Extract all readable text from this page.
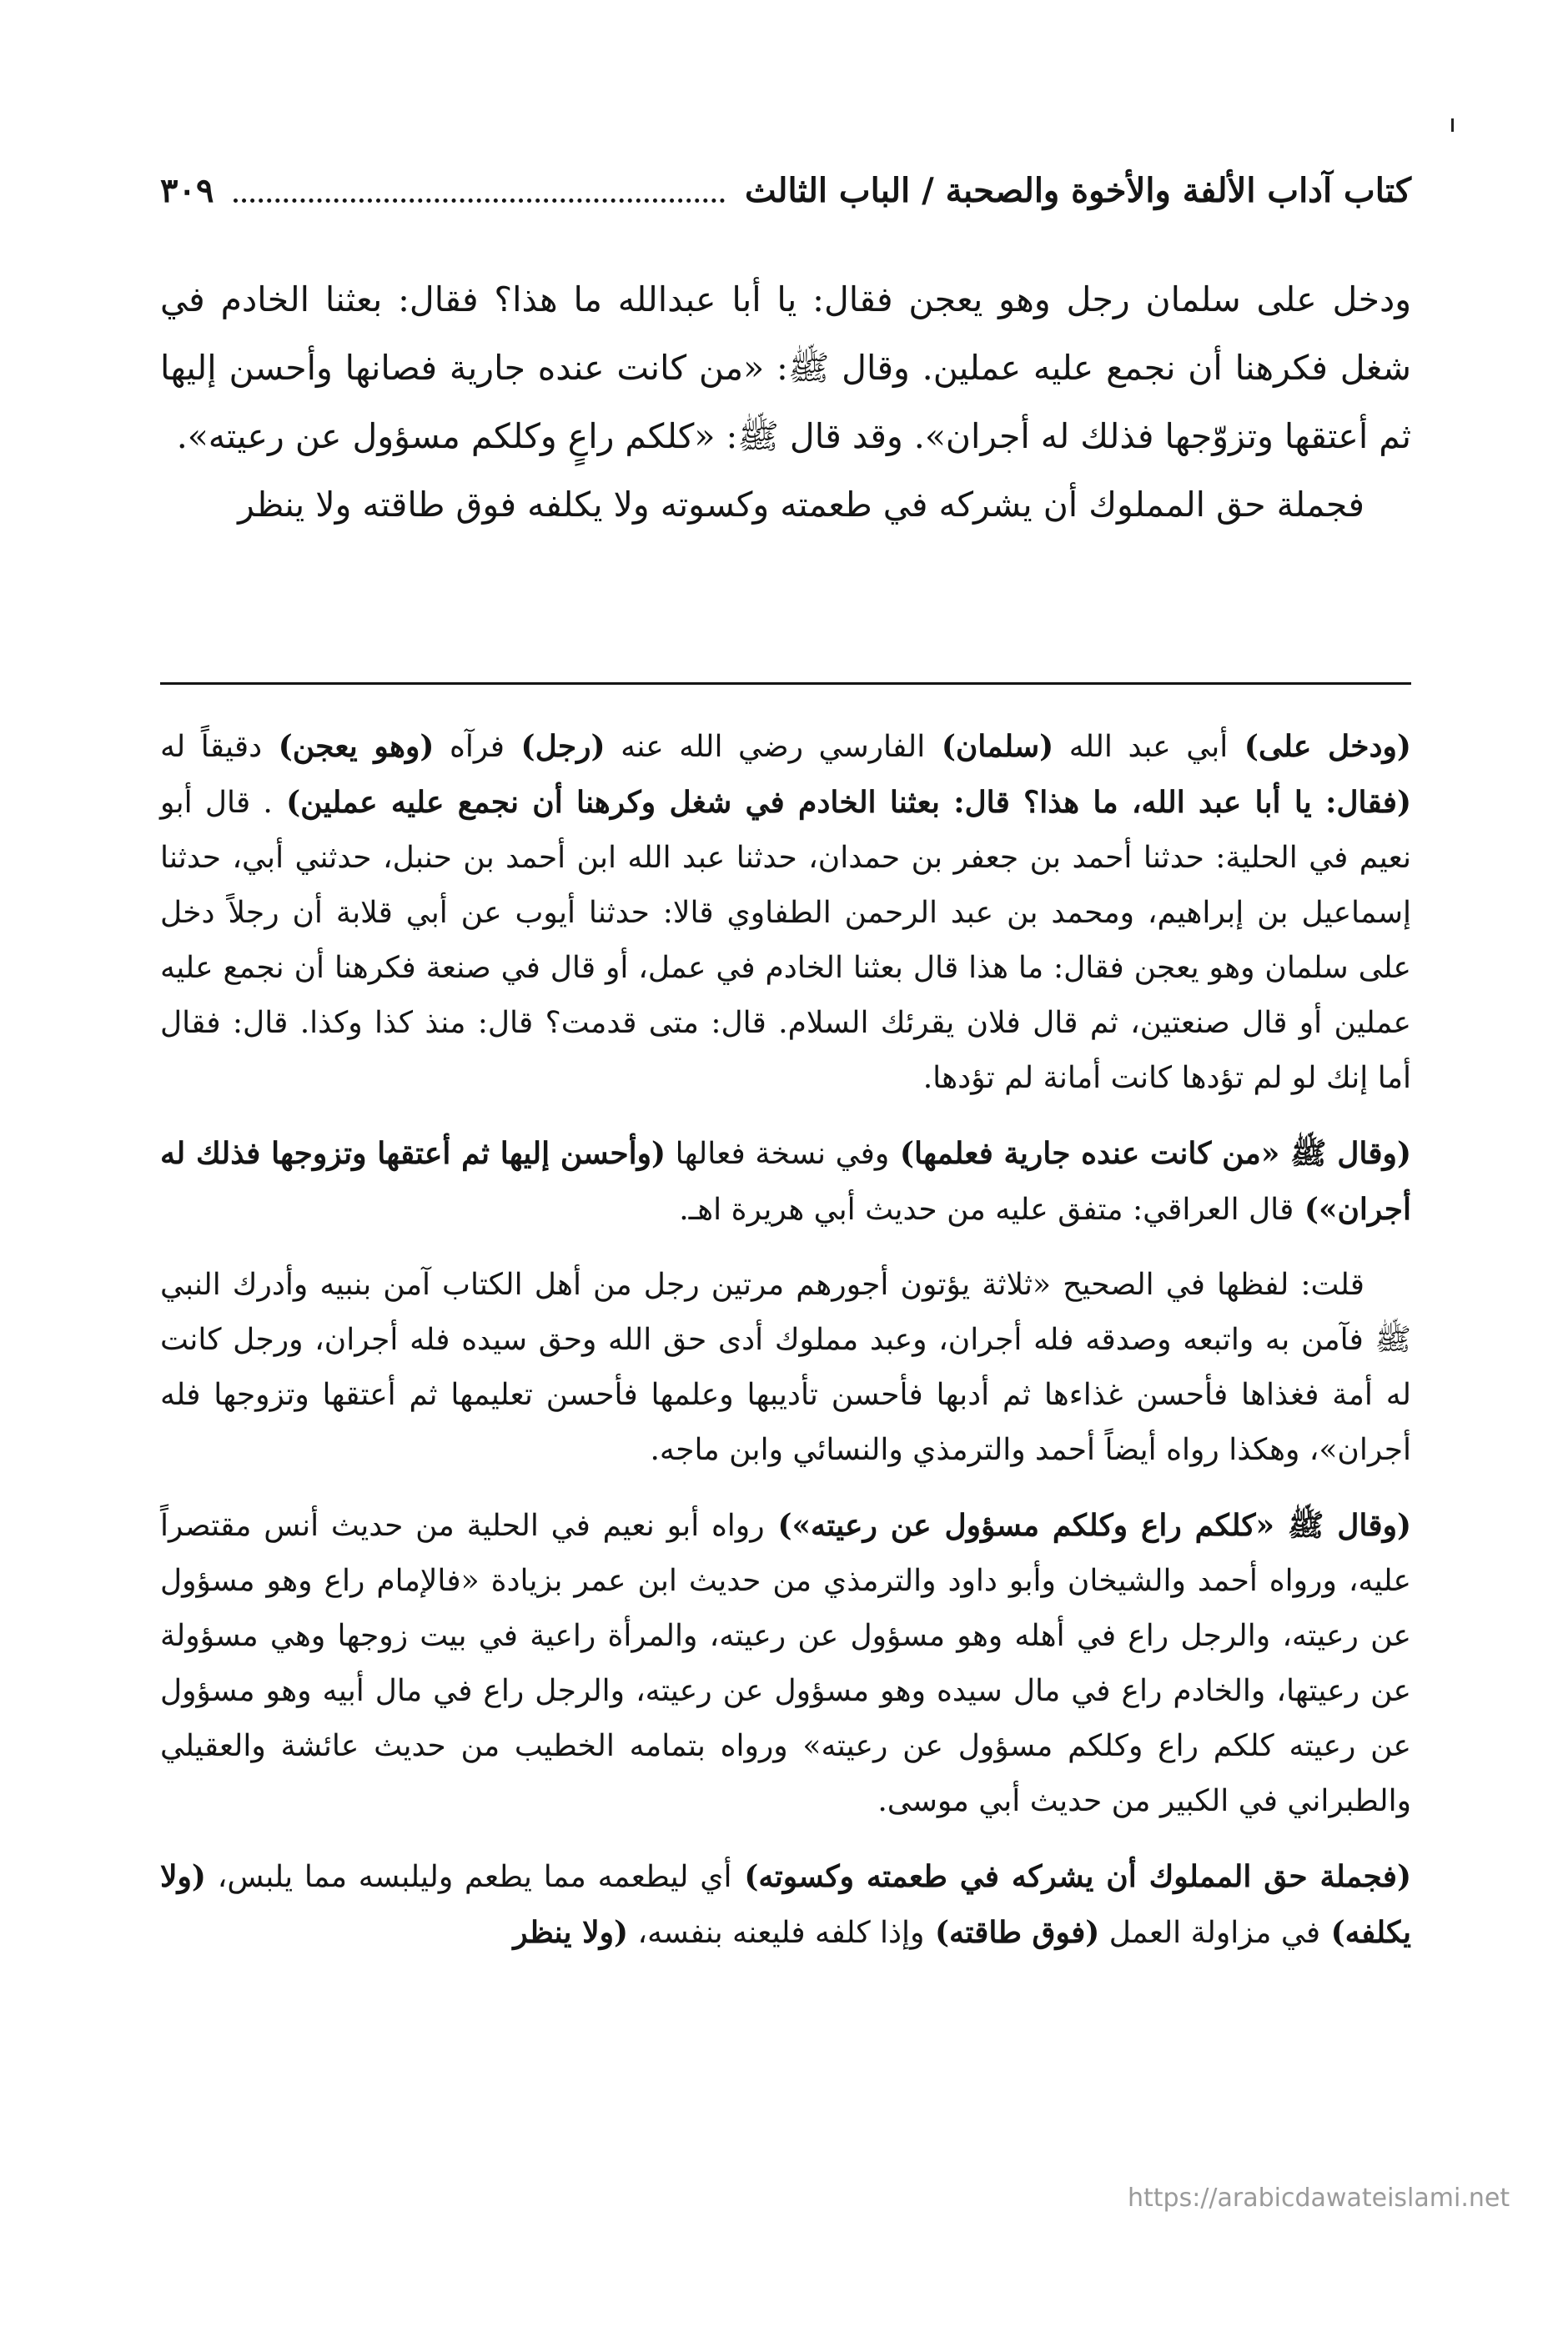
كتاب آداب الألفة والأخوة والصحبة / الباب الثالث
٣٠٩

ودخل على سلمان رجل وهو يعجن فقال: يا أبا عبدالله ما هذا؟ فقال: بعثنا الخادم في شغل فكرهنا أن نجمع عليه عملين. وقال ﷺ: «من كانت عنده جارية فصانها وأحسن إليها ثم أعتقها وتزوّجها فذلك له أجران». وقد قال ﷺ: «كلكم راعٍ وكلكم مسؤول عن رعيته».

فجملة حق المملوك أن يشركه في طعمته وكسوته ولا يكلفه فوق طاقته ولا ينظر

(ودخل على) أبي عبد الله (سلمان) الفارسي رضي الله عنه (رجل) فرآه (وهو يعجن) دقيقاً له (فقال: يا أبا عبد الله، ما هذا؟ قال: بعثنا الخادم في شغل وكرهنا أن نجمع عليه عملين) . قال أبو نعيم في الحلية: حدثنا أحمد بن جعفر بن حمدان، حدثنا عبد الله ابن أحمد بن حنبل، حدثني أبي، حدثنا إسماعيل بن إبراهيم، ومحمد بن عبد الرحمن الطفاوي قالا: حدثنا أيوب عن أبي قلابة أن رجلاً دخل على سلمان وهو يعجن فقال: ما هذا قال بعثنا الخادم في عمل، أو قال في صنعة فكرهنا أن نجمع عليه عملين أو قال صنعتين، ثم قال فلان يقرئك السلام. قال: متى قدمت؟ قال: منذ كذا وكذا. قال: فقال أما إنك لو لم تؤدها كانت أمانة لم تؤدها.

(وقال ﷺ «من كانت عنده جارية فعلمها) وفي نسخة فعالها (وأحسن إليها ثم أعتقها وتزوجها فذلك له أجران») قال العراقي: متفق عليه من حديث أبي هريرة اهـ.

قلت: لفظها في الصحيح «ثلاثة يؤتون أجورهم مرتين رجل من أهل الكتاب آمن بنبيه وأدرك النبي ﷺ فآمن به واتبعه وصدقه فله أجران، وعبد مملوك أدى حق الله وحق سيده فله أجران، ورجل كانت له أمة فغذاها فأحسن غذاءها ثم أدبها فأحسن تأديبها وعلمها فأحسن تعليمها ثم أعتقها وتزوجها فله أجران»، وهكذا رواه أيضاً أحمد والترمذي والنسائي وابن ماجه.

(وقال ﷺ «كلكم راع وكلكم مسؤول عن رعيته») رواه أبو نعيم في الحلية من حديث أنس مقتصراً عليه، ورواه أحمد والشيخان وأبو داود والترمذي من حديث ابن عمر بزيادة «فالإمام راع وهو مسؤول عن رعيته، والرجل راع في أهله وهو مسؤول عن رعيته، والمرأة راعية في بيت زوجها وهي مسؤولة عن رعيتها، والخادم راع في مال سيده وهو مسؤول عن رعيته، والرجل راع في مال أبيه وهو مسؤول عن رعيته كلكم راع وكلكم مسؤول عن رعيته» ورواه بتمامه الخطيب من حديث عائشة والعقيلي والطبراني في الكبير من حديث أبي موسى.

(فجملة حق المملوك أن يشركه في طعمته وكسوته) أي ليطعمه مما يطعم وليلبسه مما يلبس، (ولا يكلفه) في مزاولة العمل (فوق طاقته) وإذا كلفه فليعنه بنفسه، (ولا ينظر

https://arabicdawateislami.net
